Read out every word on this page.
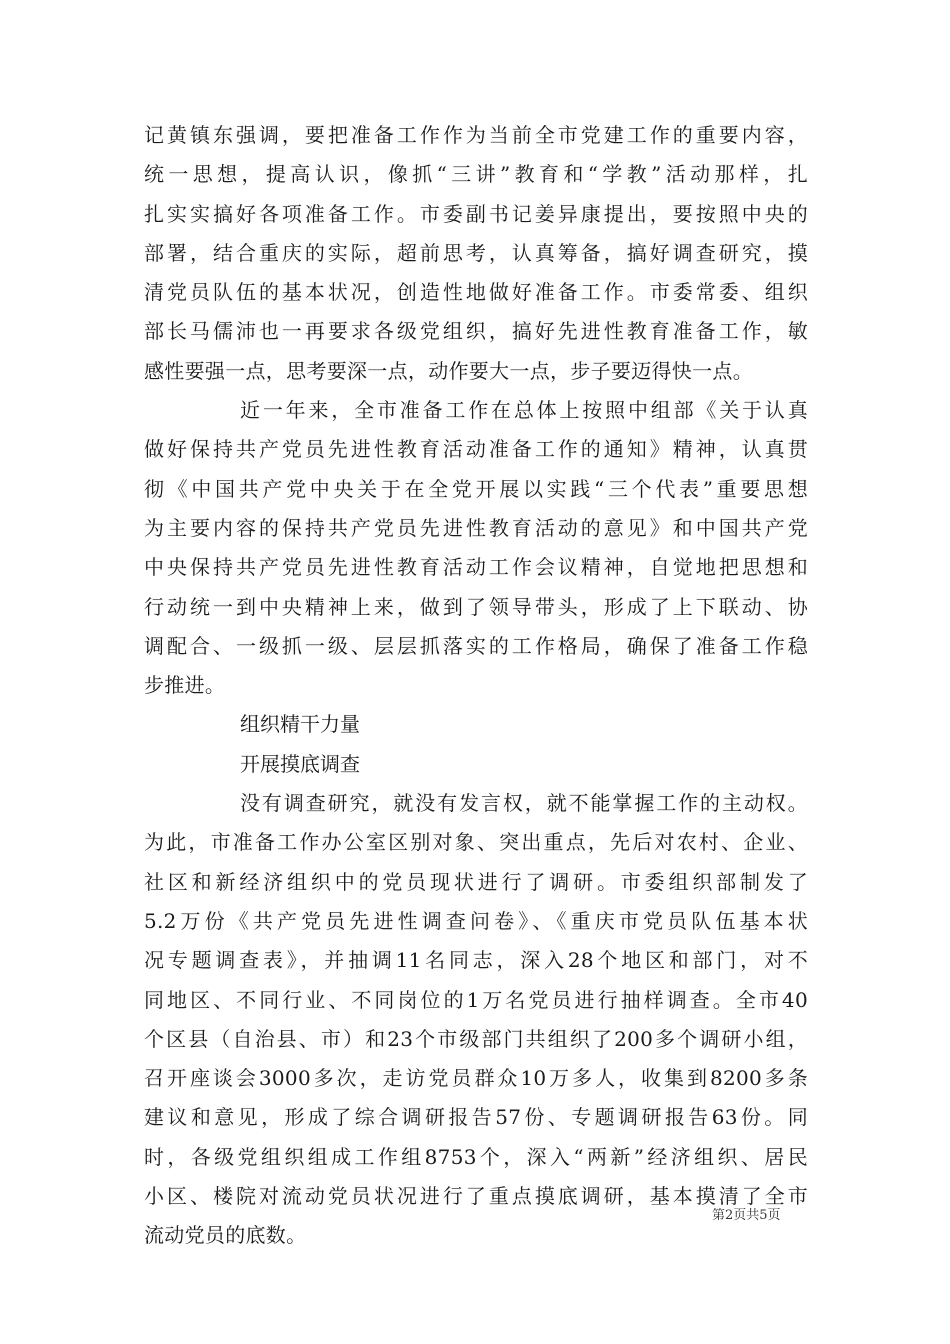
记黄镇东强调，要把准备工作作为当前全市党建工作的重要内容，
统一思想，提高认识，像抓“三讲”教育和“学教”活动那样，扎
扎实实搞好各项准备工作。市委副书记姜异康提出，要按照中央的
部署，结合重庆的实际，超前思考，认真筹备，搞好调查研究，摸
清党员队伍的基本状况，创造性地做好准备工作。市委常委、组织
部长马儒沛也一再要求各级党组织，搞好先进性教育准备工作，敏
感性要强一点，思考要深一点，动作要大一点，步子要迈得快一点。
近一年来，全市准备工作在总体上按照中组部《关于认真
做好保持共产党员先进性教育活动准备工作的通知》精神，认真贯
彻《中国共产党中央关于在全党开展以实践“三个代表”重要思想
为主要内容的保持共产党员先进性教育活动的意见》和中国共产党
中央保持共产党员先进性教育活动工作会议精神，自觉地把思想和
行动统一到中央精神上来，做到了领导带头，形成了上下联动、协
调配合、一级抓一级、层层抓落实的工作格局，确保了准备工作稳
步推进。
组织精干力量
开展摸底调查
没有调查研究，就没有发言权，就不能掌握工作的主动权。
为此，市准备工作办公室区别对象、突出重点，先后对农村、企业、
社区和新经济组织中的党员现状进行了调研。市委组织部制发了
5.2万份《共产党员先进性调查问卷》、《重庆市党员队伍基本状
况专题调查表》，并抽调11名同志，深入28个地区和部门，对不
同地区、不同行业、不同岗位的1万名党员进行抽样调查。全市40
个区县（自治县、市）和23个市级部门共组织了200多个调研小组，
召开座谈会3000多次，走访党员群众10万多人，收集到8200多条
建议和意见，形成了综合调研报告57份、专题调研报告63份。同
时，各级党组织组成工作组8753个，深入“两新”经济组织、居民
小区、楼院对流动党员状况进行了重点摸底调研，基本摸清了全市
流动党员的底数。
第2页共5页
